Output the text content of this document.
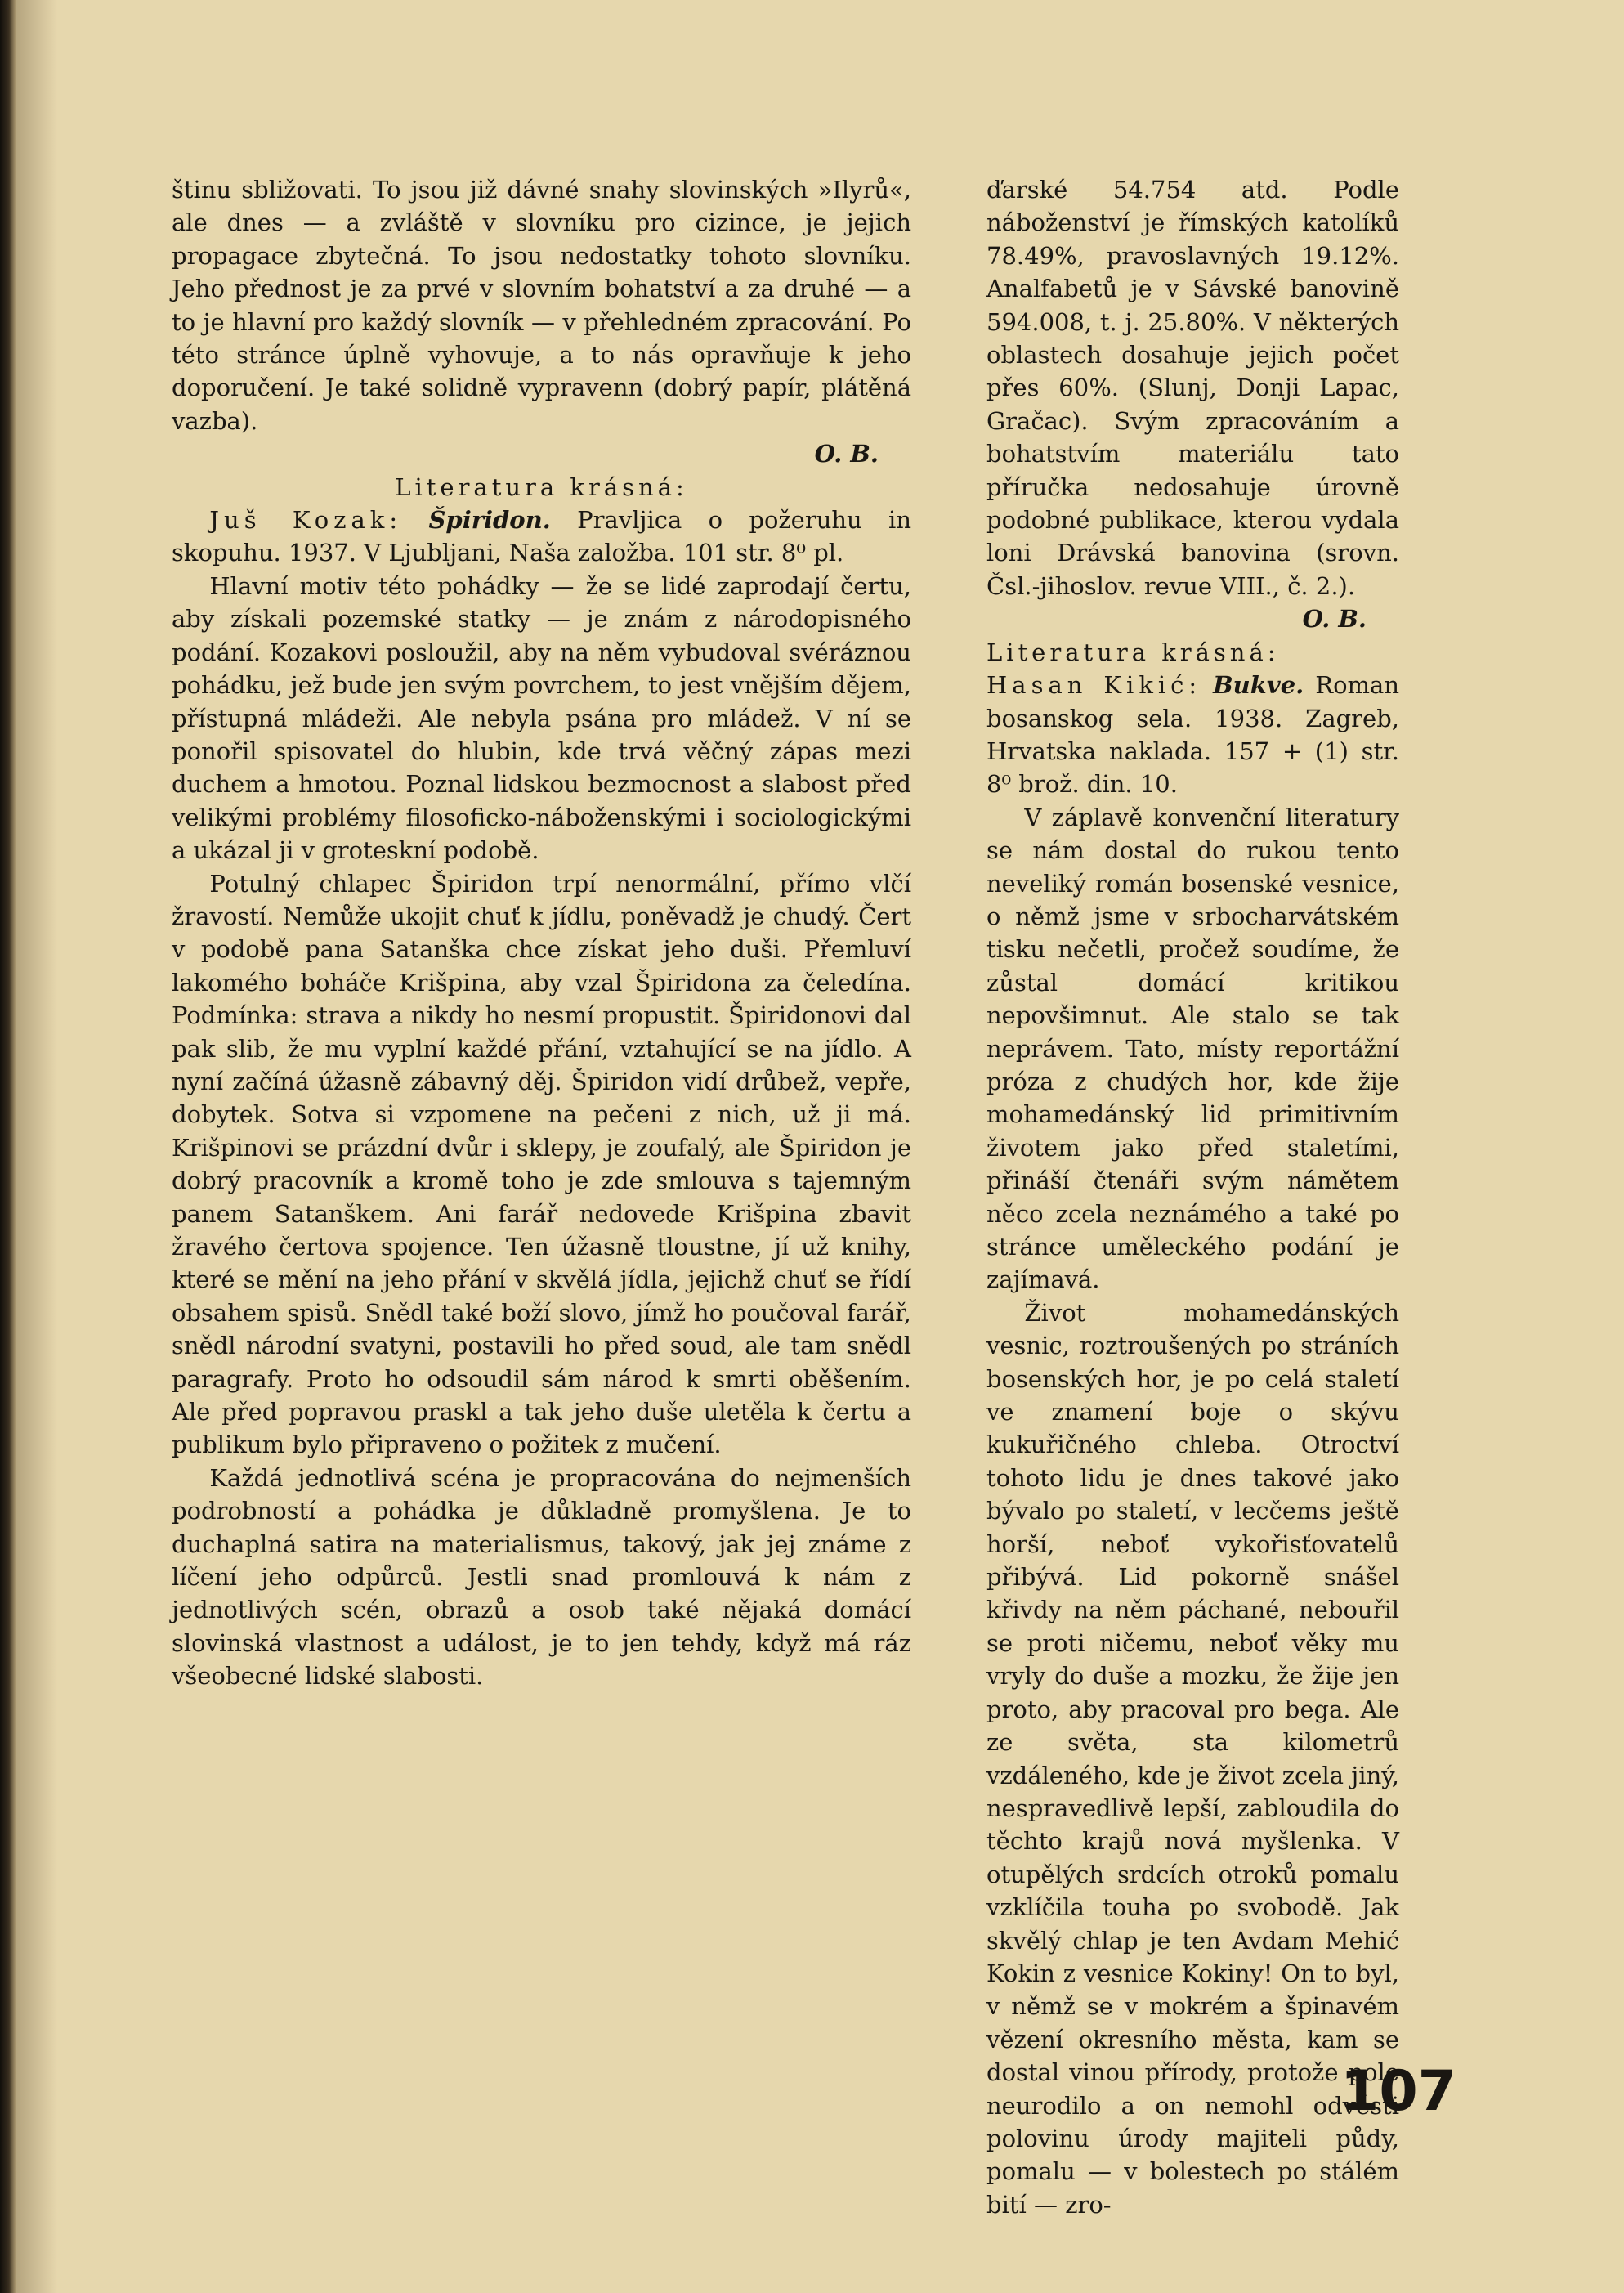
štinu sbližovati. To jsou již dávné snahy slovinských »Ilyrů«, ale dnes — a zvláště v slovníku pro cizince, je jejich propagace zbytečná. To jsou nedostatky tohoto slovníku. Jeho přednost je za prvé v slovním bohatství a za druhé — a to je hlavní pro každý slovník — v přehledném zpracování. Po této stránce úplně vyhovuje, a to nás opravňuje k jeho doporučení. Je také solidně vypravenn (dobrý papír, plátěná vazba).

O. B.

Literatura krásná:

Juš Kozak: Špiridon. Pravljica o požeruhu in skopuhu. 1937. V Ljubljani, Naša založba. 101 str. 8⁰ pl.

Hlavní motiv této pohádky — že se lidé zaprodají čertu, aby získali pozemské statky — je znám z národopisného podání. Kozakovi posloužil, aby na něm vybudoval svéráznou pohádku, jež bude jen svým povrchem, to jest vnějším dějem, přístupná mládeži. Ale nebyla psána pro mládež. V ní se ponořil spisovatel do hlubin, kde trvá věčný zápas mezi duchem a hmotou. Poznal lidskou bezmocnost a slabost před velikými problémy filosoficko-náboženskými i sociologickými a ukázal ji v groteskní podobě.

Potulný chlapec Špiridon trpí nenormální, přímo vlčí žravostí. Nemůže ukojit chuť k jídlu, poněvadž je chudý. Čert v podobě pana Satanška chce získat jeho duši. Přemluví lakomého boháče Krišpina, aby vzal Špiridona za čeledína. Podmínka: strava a nikdy ho nesmí propustit. Špiridonovi dal pak slib, že mu vyplní každé přání, vztahující se na jídlo. A nyní začíná úžasně zábavný děj. Špiridon vidí drůbež, vepře, dobytek. Sotva si vzpomene na pečeni z nich, už ji má. Krišpinovi se prázdní dvůr i sklepy, je zoufalý, ale Špiridon je dobrý pracovník a kromě toho je zde smlouva s tajemným panem Satanškem. Ani farář nedovede Krišpina zbavit žravého čertova spojence. Ten úžasně tloustne, jí už knihy, které se mění na jeho přání v skvělá jídla, jejichž chuť se řídí obsahem spisů. Snědl také boží slovo, jímž ho poučoval farář, snědl národní svatyni, postavili ho před soud, ale tam snědl paragrafy. Proto ho odsoudil sám národ k smrti oběšením. Ale před popravou praskl a tak jeho duše uletěla k čertu a publikum bylo připraveno o požitek z mučení.

Každá jednotlivá scéna je propracována do nejmenších podrobností a pohádka je důkladně promyšlena. Je to duchaplná satira na materialismus, takový, jak jej známe z líčení jeho odpůrců. Jestli snad promlouvá k nám z jednotlivých scén, obrazů a osob také nějaká domácí slovinská vlastnost a událost, je to jen tehdy, když má ráz všeobecné lidské slabosti.

ďarské 54.754 atd. Podle náboženství je římských katolíků 78.49%, pravoslavných 19.12%. Analfabetů je v Sávské banovině 594.008, t. j. 25.80%. V některých oblastech dosahuje jejich počet přes 60%. (Slunj, Donji Lapac, Gračac). Svým zpracováním a bohatstvím materiálu tato příručka nedosahuje úrovně podobné publikace, kterou vydala loni Drávská banovina (srovn. Čsl.-jihoslov. revue VIII., č. 2.).

O. B.

Literatura krásná:

Hasan Kikić: Bukve. Roman bosanskog sela. 1938. Zagreb, Hrvatska naklada. 157 + (1) str. 8⁰ brož. din. 10.

V záplavě konvenční literatury se nám dostal do rukou tento neveliký román bosenské vesnice, o němž jsme v srbocharvátském tisku nečetli, pročež soudíme, že zůstal domácí kritikou nepovšimnut. Ale stalo se tak neprávem. Tato, místy reportážní próza z chudých hor, kde žije mohamedánský lid primitivním životem jako před staletími, přináší čtenáři svým námětem něco zcela neznámého a také po stránce uměleckého podání je zajímavá.

Život mohamedánských vesnic, roztroušených po stráních bosenských hor, je po celá staletí ve znamení boje o skývu kukuřičného chleba. Otroctví tohoto lidu je dnes takové jako bývalo po staletí, v lecčems ještě horší, neboť vykořisťovatelů přibývá. Lid pokorně snášel křivdy na něm páchané, nebouřil se proti ničemu, neboť věky mu vryly do duše a mozku, že žije jen proto, aby pracoval pro bega. Ale ze světa, sta kilometrů vzdáleného, kde je život zcela jiný, nespravedlivě lepší, zabloudila do těchto krajů nová myšlenka. V otupělých srdcích otroků pomalu vzklíčila touha po svobodě. Jak skvělý chlap je ten Avdam Mehić Kokin z vesnice Kokiny! On to byl, v němž se v mokrém a špinavém vězení okresního města, kam se dostal vinou přírody, protože pole neurodilo a on nemohl odvésti polovinu úrody majiteli půdy, pomalu — v bolestech po stálém bití — zro-

107
